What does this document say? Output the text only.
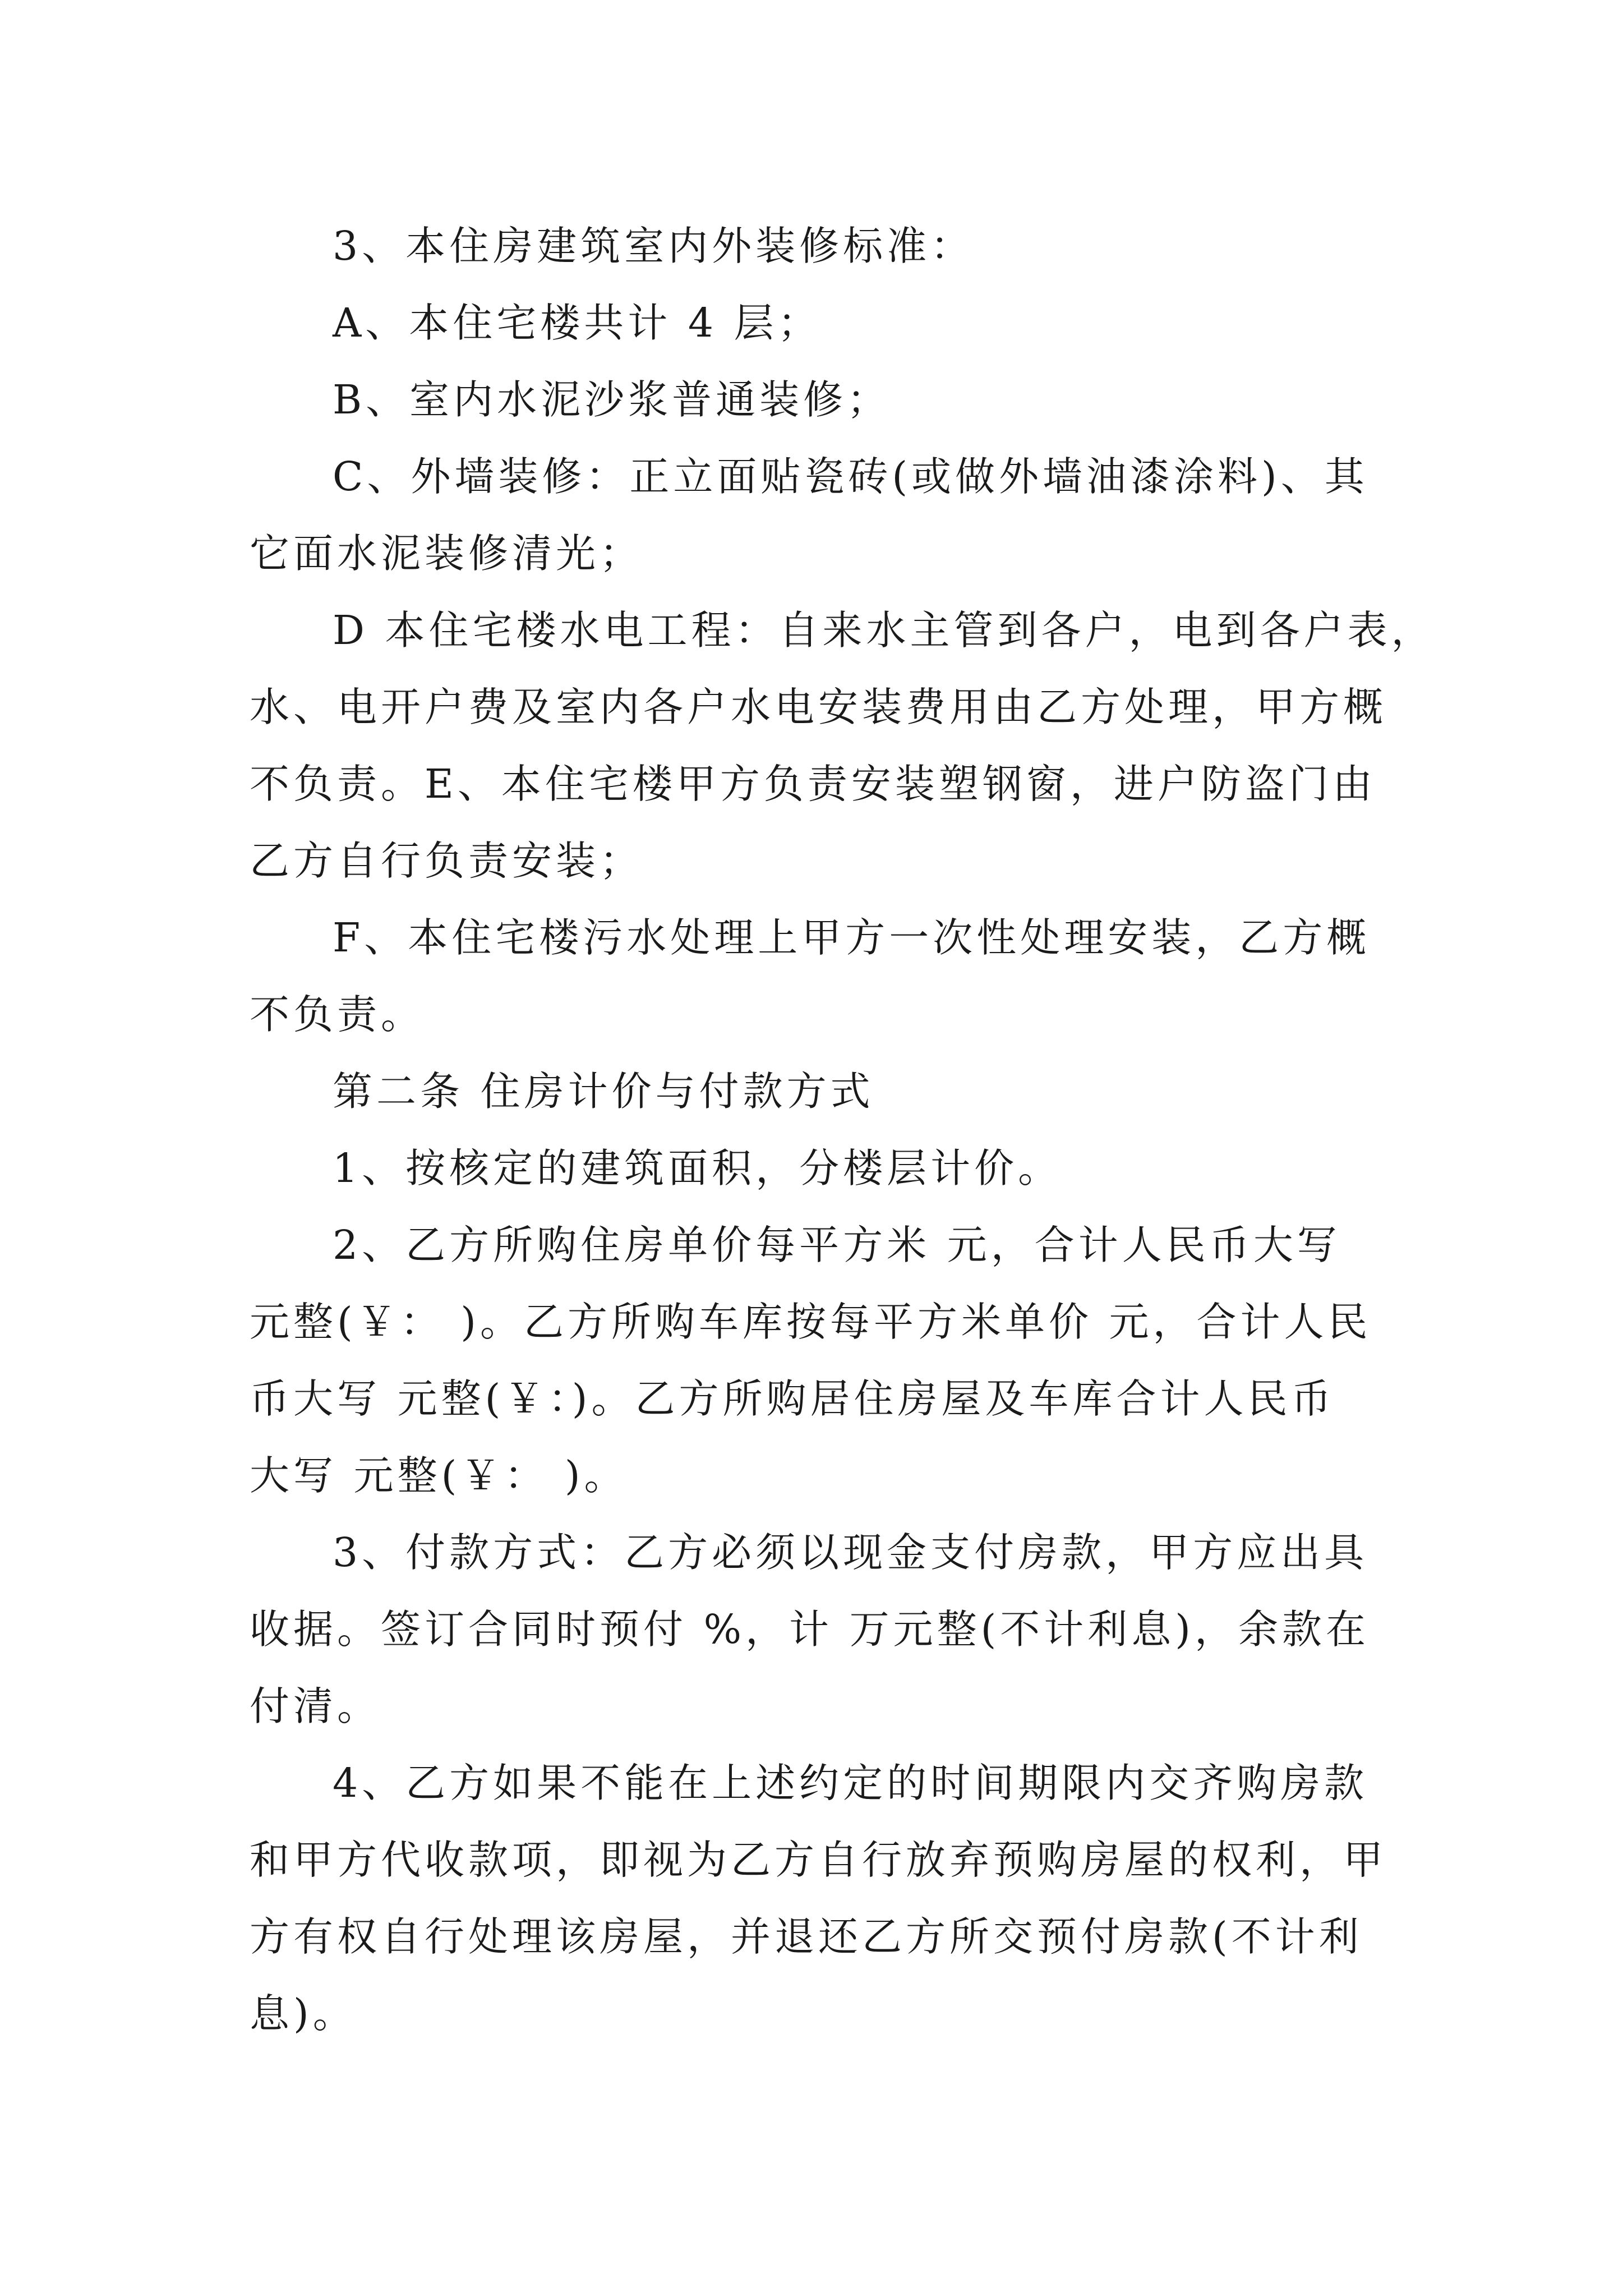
3、本住房建筑室内外装修标准：
A、本住宅楼共计 4 层；
B、室内水泥沙浆普通装修；
C、外墙装修：正立面贴瓷砖(或做外墙油漆涂料)、其
它面水泥装修清光；
D 本住宅楼水电工程：自来水主管到各户，电到各户表，
水、电开户费及室内各户水电安装费用由乙方处理，甲方概
不负责。E、本住宅楼甲方负责安装塑钢窗，进户防盗门由
乙方自行负责安装；
F、本住宅楼污水处理上甲方一次性处理安装，乙方概
不负责。
第二条 住房计价与付款方式
1、按核定的建筑面积，分楼层计价。
2、乙方所购住房单价每平方米 元，合计人民币大写
元整(￥： )。乙方所购车库按每平方米单价 元，合计人民
币大写 元整(￥：)。乙方所购居住房屋及车库合计人民币
大写 元整(￥： )。
3、付款方式：乙方必须以现金支付房款，甲方应出具
收据。签订合同时预付 %，计 万元整(不计利息)，余款在
付清。
4、乙方如果不能在上述约定的时间期限内交齐购房款
和甲方代收款项，即视为乙方自行放弃预购房屋的权利，甲
方有权自行处理该房屋，并退还乙方所交预付房款(不计利
息)。
